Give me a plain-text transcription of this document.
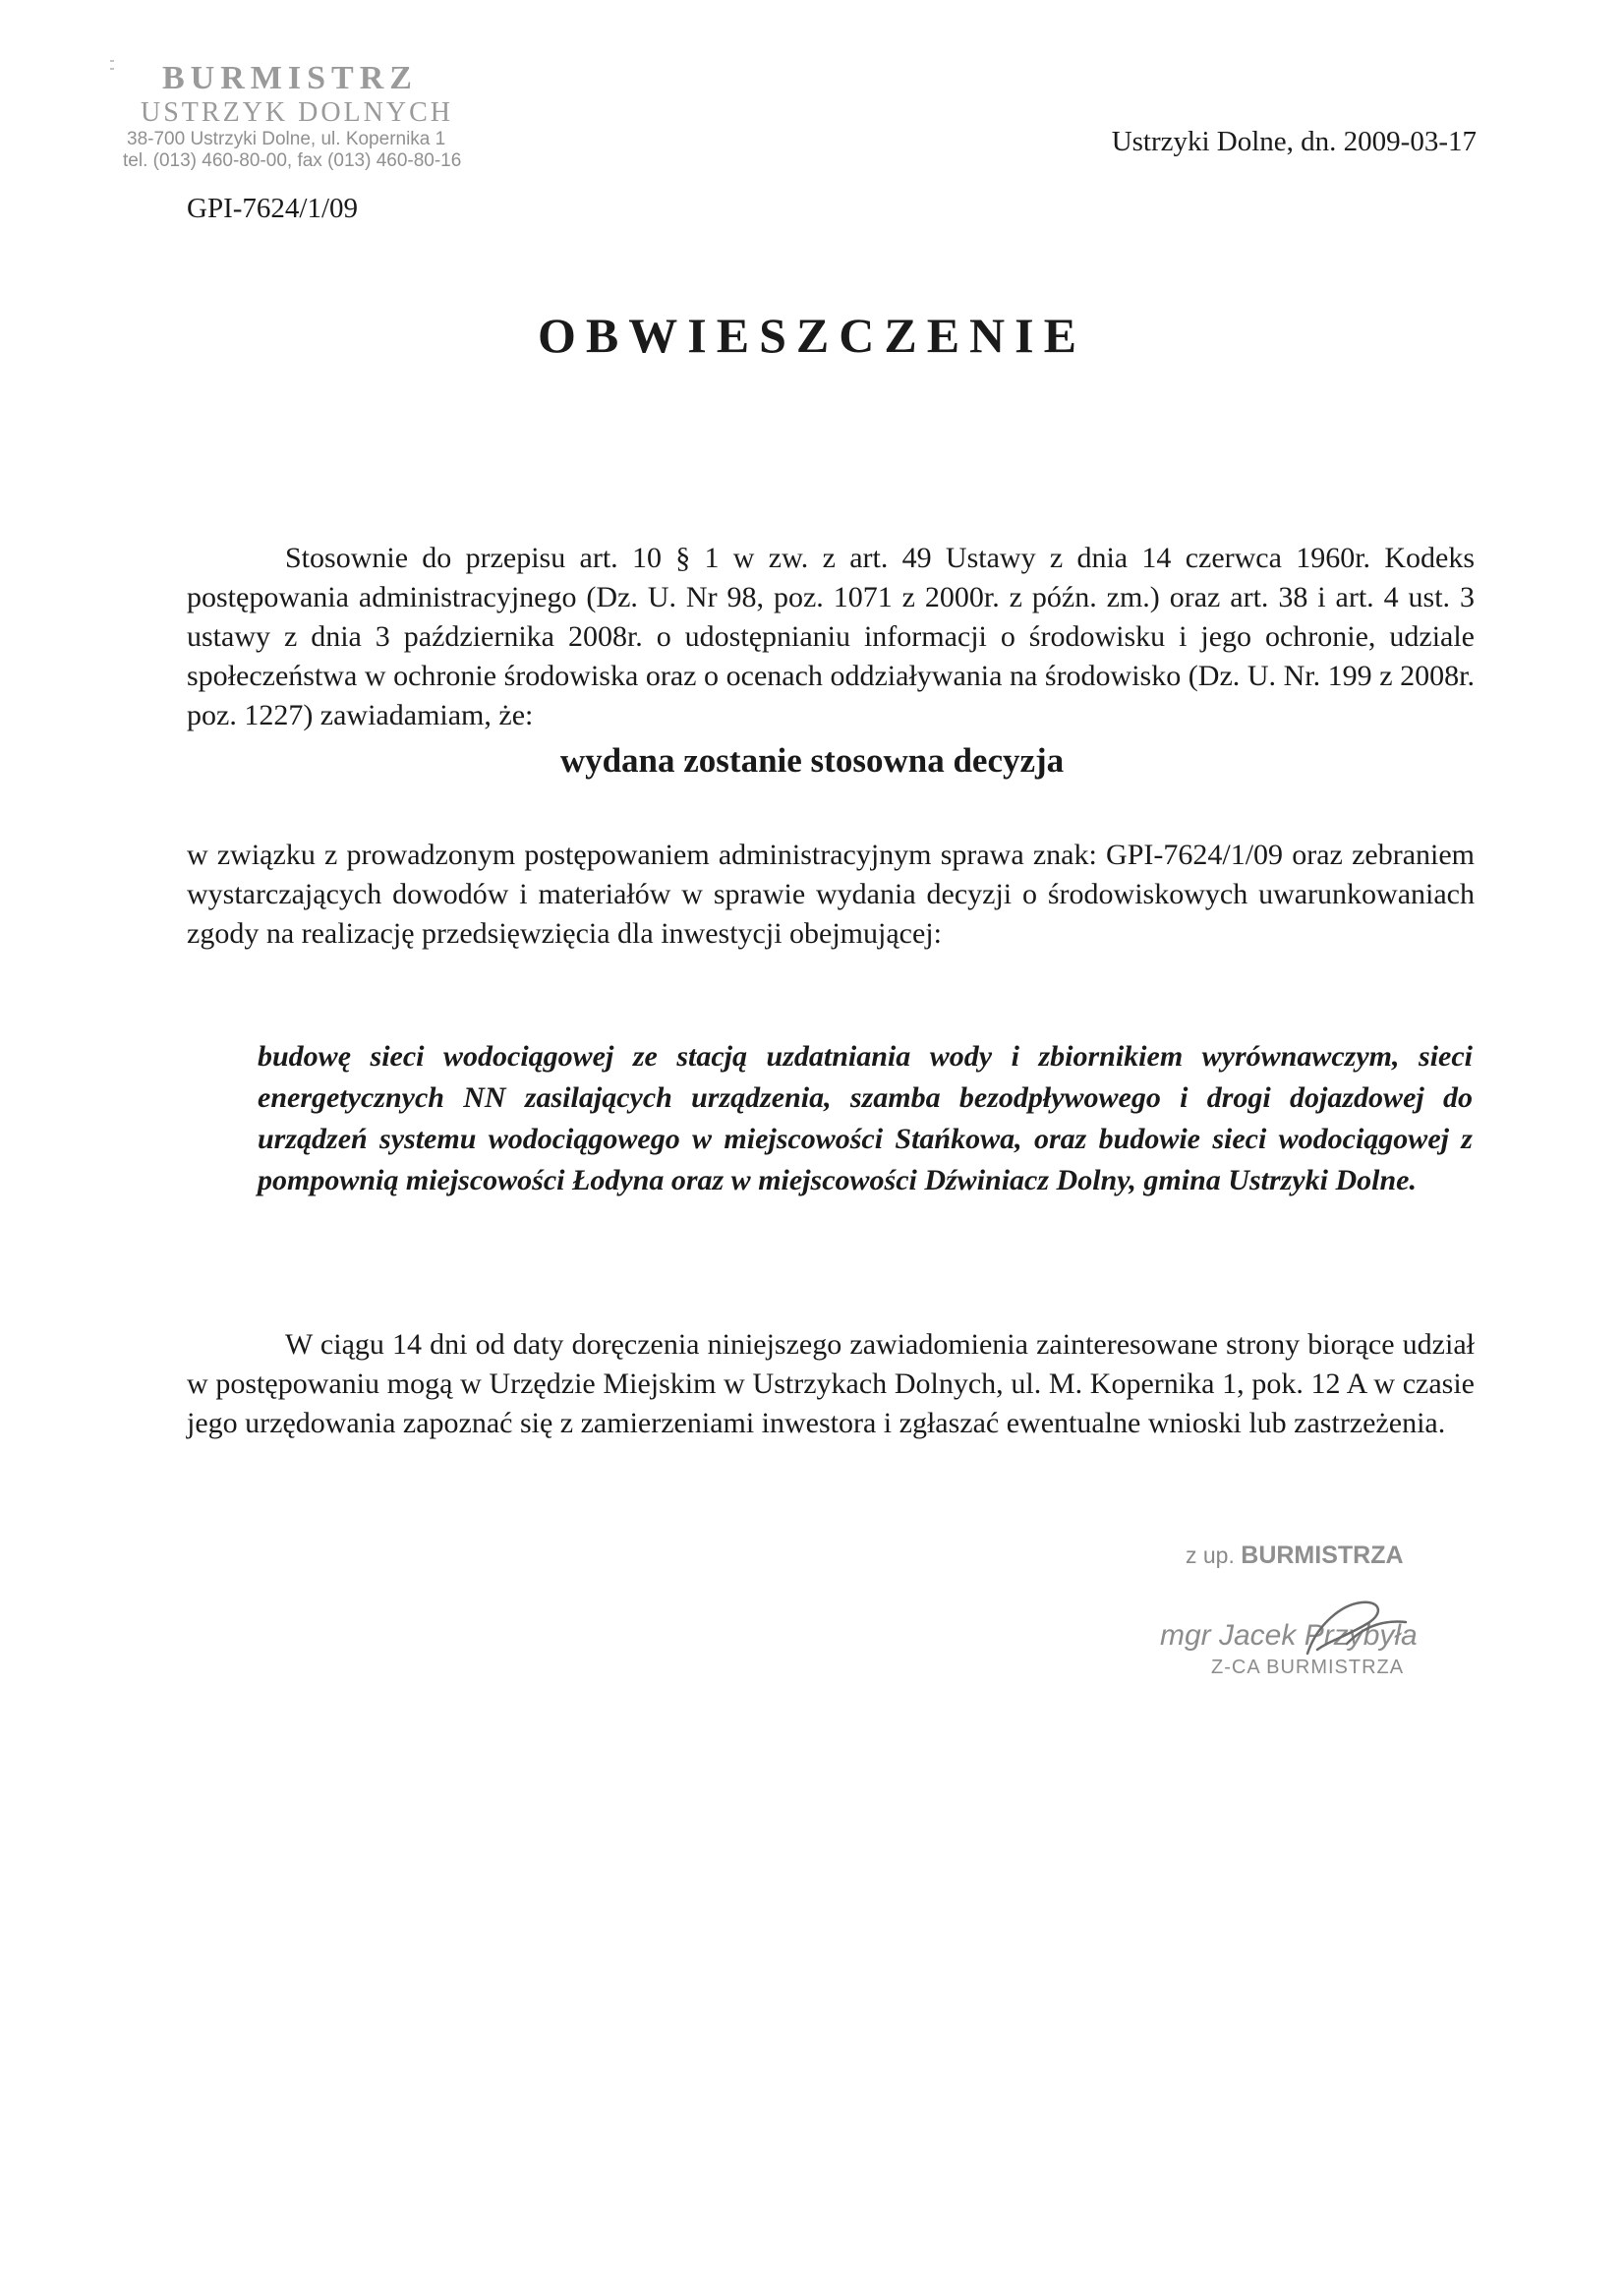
BURMISTRZ
USTRZYK DOLNYCH
38-700 Ustrzyki Dolne, ul. Kopernika 1
tel. (013) 460-80-00, fax (013) 460-80-16
Ustrzyki Dolne, dn. 2009-03-17
GPI-7624/1/09
OBWIESZCZENIE

Stosownie do przepisu art. 10 § 1 w zw. z art. 49 Ustawy z dnia 14 czerwca 1960r. Kodeks postępowania administracyjnego (Dz. U. Nr 98, poz. 1071 z 2000r. z późn. zm.) oraz art. 38 i art. 4 ust. 3 ustawy z dnia 3 października 2008r. o udostępnianiu informacji o środowisku i jego ochronie, udziale społeczeństwa w ochronie środowiska oraz o ocenach oddziaływania na środowisko (Dz. U. Nr. 199 z 2008r. poz. 1227) zawiadamiam, że:

wydana zostanie stosowna decyzja

w związku z prowadzonym postępowaniem administracyjnym sprawa znak: GPI-7624/1/09 oraz zebraniem wystarczających dowodów i materiałów w sprawie wydania decyzji o środowiskowych uwarunkowaniach zgody na realizację przedsięwzięcia dla inwestycji obejmującej:

budowę sieci wodociągowej ze stacją uzdatniania wody i zbiornikiem wyrównawczym, sieci energetycznych NN zasilających urządzenia, szamba bezodpływowego i drogi dojazdowej do urządzeń systemu wodociągowego w miejscowości Stańkowa, oraz budowie sieci wodociągowej z pompownią miejscowości Łodyna oraz w miejscowości Dźwiniacz Dolny, gmina Ustrzyki Dolne.

W ciągu 14 dni od daty doręczenia niniejszego zawiadomienia zainteresowane strony biorące udział w postępowaniu mogą w Urzędzie Miejskim w Ustrzykach Dolnych, ul. M. Kopernika 1, pok. 12 A w czasie jego urzędowania zapoznać się z zamierzeniami inwestora i zgłaszać ewentualne wnioski lub zastrzeżenia.

z up. BURMISTRZA
mgr Jacek Przybyła
Z-CA BURMISTRZA
